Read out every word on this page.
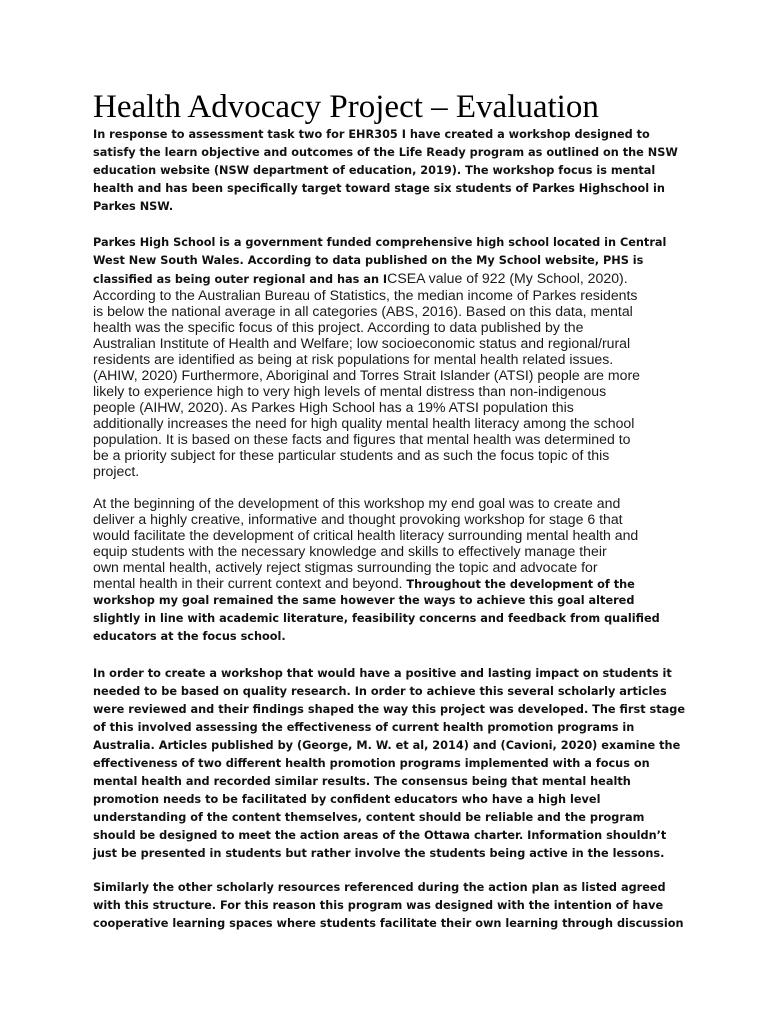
Health Advocacy Project – Evaluation
In response to assessment task two for EHR305 I have created a workshop designed to
satisfy the learn objective and outcomes of the Life Ready program as outlined on the NSW
education website (NSW department of education, 2019). The workshop focus is mental
health and has been specifically target toward stage six students of Parkes Highschool in
Parkes NSW.
Parkes High School is a government funded comprehensive high school located in Central
West New South Wales. According to data published on the My School website, PHS is
classified as being outer regional and has an ICSEA value of 922 (My School, 2020).
According to the Australian Bureau of Statistics, the median income of Parkes residents
is below the national average in all categories (ABS, 2016). Based on this data, mental
health was the specific focus of this project. According to data published by the
Australian Institute of Health and Welfare; low socioeconomic status and regional/rural
residents are identified as being at risk populations for mental health related issues.
(AHIW, 2020) Furthermore, Aboriginal and Torres Strait Islander (ATSI) people are more
likely to experience high to very high levels of mental distress than non-indigenous
people (AIHW, 2020). As Parkes High School has a 19% ATSI population this
additionally increases the need for high quality mental health literacy among the school
population. It is based on these facts and figures that mental health was determined to
be a priority subject for these particular students and as such the focus topic of this
project.
At the beginning of the development of this workshop my end goal was to create and
deliver a highly creative, informative and thought provoking workshop for stage 6 that
would facilitate the development of critical health literacy surrounding mental health and
equip students with the necessary knowledge and skills to effectively manage their
own mental health, actively reject stigmas surrounding the topic and advocate for
mental health in their current context and beyond. Throughout the development of the
workshop my goal remained the same however the ways to achieve this goal altered
slightly in line with academic literature, feasibility concerns and feedback from qualified
educators at the focus school.
In order to create a workshop that would have a positive and lasting impact on students it
needed to be based on quality research. In order to achieve this several scholarly articles
were reviewed and their findings shaped the way this project was developed. The first stage
of this involved assessing the effectiveness of current health promotion programs in
Australia. Articles published by (George, M. W. et al, 2014) and (Cavioni, 2020) examine the
effectiveness of two different health promotion programs implemented with a focus on
mental health and recorded similar results. The consensus being that mental health
promotion needs to be facilitated by confident educators who have a high level
understanding of the content themselves, content should be reliable and the program
should be designed to meet the action areas of the Ottawa charter. Information shouldn’t
just be presented in students but rather involve the students being active in the lessons.
Similarly the other scholarly resources referenced during the action plan as listed agreed
with this structure. For this reason this program was designed with the intention of have
cooperative learning spaces where students facilitate their own learning through discussion
